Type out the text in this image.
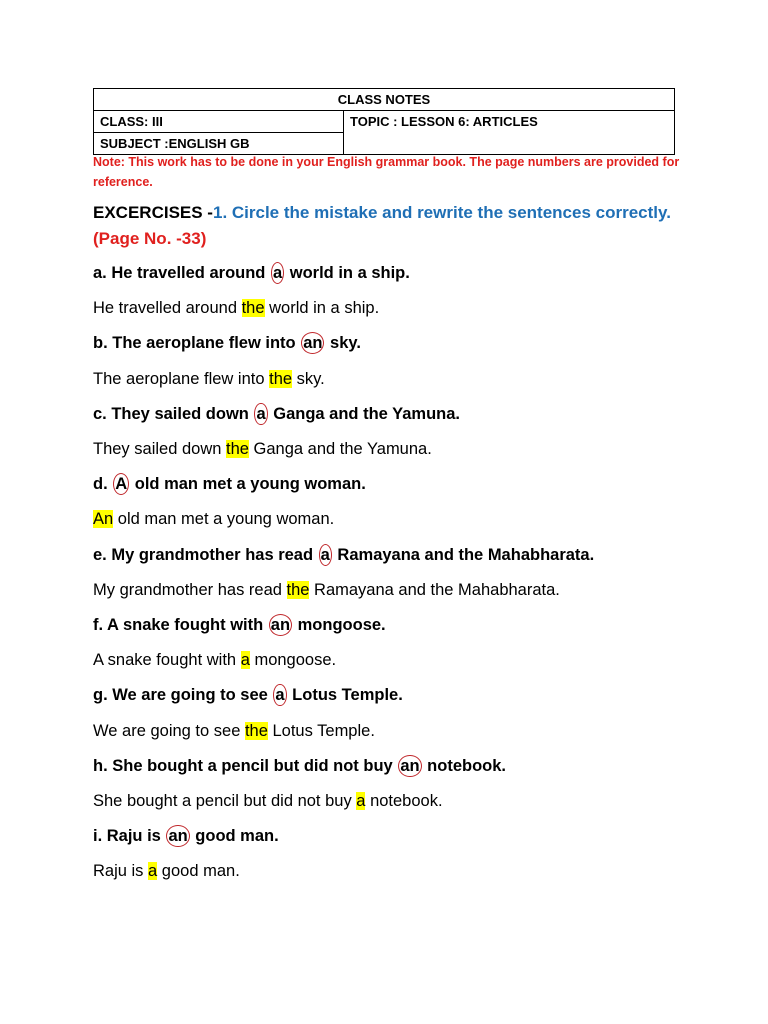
CLASS NOTES
CLASS: III	TOPIC : LESSON 6: ARTICLES
SUBJECT :ENGLISH GB
Note: This work has to be done in your English grammar book. The page numbers are provided for reference.
EXCERCISES -1. Circle the mistake and rewrite the sentences correctly.(Page No. -33)
a. He travelled around a world in a ship.
He travelled around the world in a ship.
b. The aeroplane flew into an sky.
The aeroplane flew into the sky.
c. They sailed down a Ganga and the Yamuna.
They sailed down the Ganga and the Yamuna.
d. A old man met a young woman.
An old man met a young woman.
e. My grandmother has read a Ramayana and the Mahabharata.
My grandmother has read the Ramayana and the Mahabharata.
f. A snake fought with an mongoose.
A snake fought with a mongoose.
g. We are going to see a Lotus Temple.
We are going to see the Lotus Temple.
h. She bought a pencil but did not buy an notebook.
She bought a pencil but did not buy a notebook.
i. Raju is an good man.
Raju is a good man.
